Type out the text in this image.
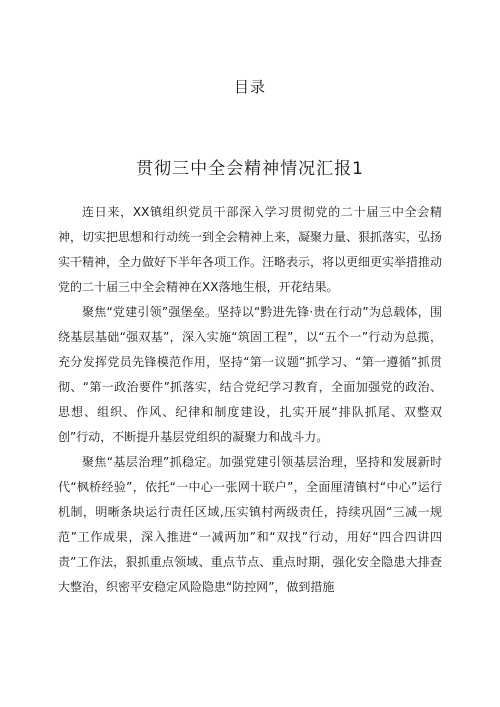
目录
贯彻三中全会精神情况汇报1

连日来，XX镇组织党员干部深入学习贯彻党的二十届三中全会精神，切实把思想和行动统一到全会精神上来，凝聚力量、狠抓落实，弘扬实干精神，全力做好下半年各项工作。汪略表示，将以更细更实举措推动党的二十届三中全会精神在XX落地生根，开花结果。

聚焦“党建引领”强堡垒。坚持以“黔进先锋·贵在行动”为总载体，围绕基层基础“强双基”，深入实施“筑固工程”，以“五个一”行动为总揽，充分发挥党员先锋模范作用，坚持“第一议题”抓学习、“第一遵循”抓贯彻、“第一政治要件”抓落实，结合党纪学习教育，全面加强党的政治、思想、组织、作风、纪律和制度建设，扎实开展“排队抓尾、双整双创”行动，不断提升基层党组织的凝聚力和战斗力。

聚焦“基层治理”抓稳定。加强党建引领基层治理，坚持和发展新时代“枫桥经验”，依托“一中心一张网十联户”，全面厘清镇村“中心”运行机制，明晰条块运行责任区域,压实镇村两级责任，持续巩固“三减一规范”工作成果，深入推进“一减两加”和“双找”行动，用好“四合四讲四责”工作法，狠抓重点领域、重点节点、重点时期，强化安全隐患大排查大整治，织密平安稳定风险隐患“防控网”，做到措施
